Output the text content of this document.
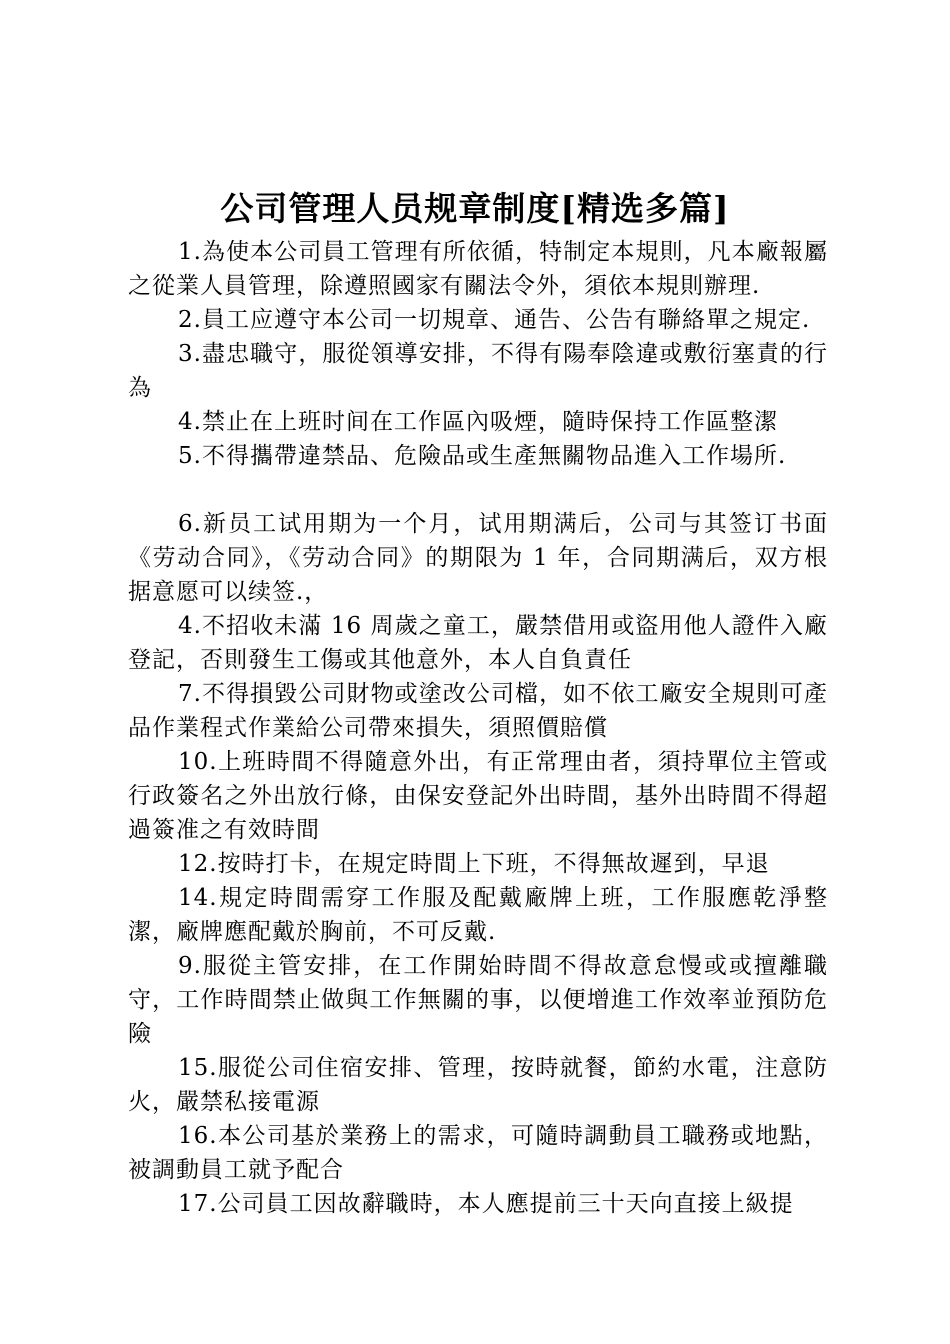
公司管理人员规章制度[精选多篇]

1.為使本公司員工管理有所依循，特制定本規則，凡本廠報屬之從業人員管理，除遵照國家有關法令外，須依本規則辦理.

2.員工应遵守本公司一切規章、通告、公告有聯絡單之規定.

3.盡忠職守，服從領導安排，不得有陽奉陰違或敷衍塞責的行為

4.禁止在上班时间在工作區內吸煙，隨時保持工作區整潔

5.不得攜帶違禁品、危險品或生產無關物品進入工作場所.

6.新员工试用期为一个月，试用期满后，公司与其签订书面《劳动合同》，《劳动合同》的期限为 1 年，合同期满后，双方根据意愿可以续签.，

4.不招收未滿 16 周歲之童工，嚴禁借用或盜用他人證件入廠登記，否則發生工傷或其他意外，本人自負責任

7.不得損毀公司財物或塗改公司檔，如不依工廠安全規則可產品作業程式作業給公司帶來損失，須照價賠償

10.上班時間不得隨意外出，有正常理由者，須持單位主管或行政簽名之外出放行條，由保安登記外出時間，基外出時間不得超過簽准之有效時間

12.按時打卡，在規定時間上下班，不得無故遲到，早退

14.規定時間需穿工作服及配戴廠牌上班，工作服應乾淨整潔，廠牌應配戴於胸前，不可反戴.

9.服從主管安排，在工作開始時間不得故意怠慢或或擅離職守，工作時間禁止做與工作無關的事，以便增進工作效率並預防危險

15.服從公司住宿安排、管理，按時就餐，節約水電，注意防火，嚴禁私接電源

16.本公司基於業務上的需求，可隨時調動員工職務或地點，被調動員工就予配合

17.公司員工因故辭職時，本人應提前三十天向直接上級提
